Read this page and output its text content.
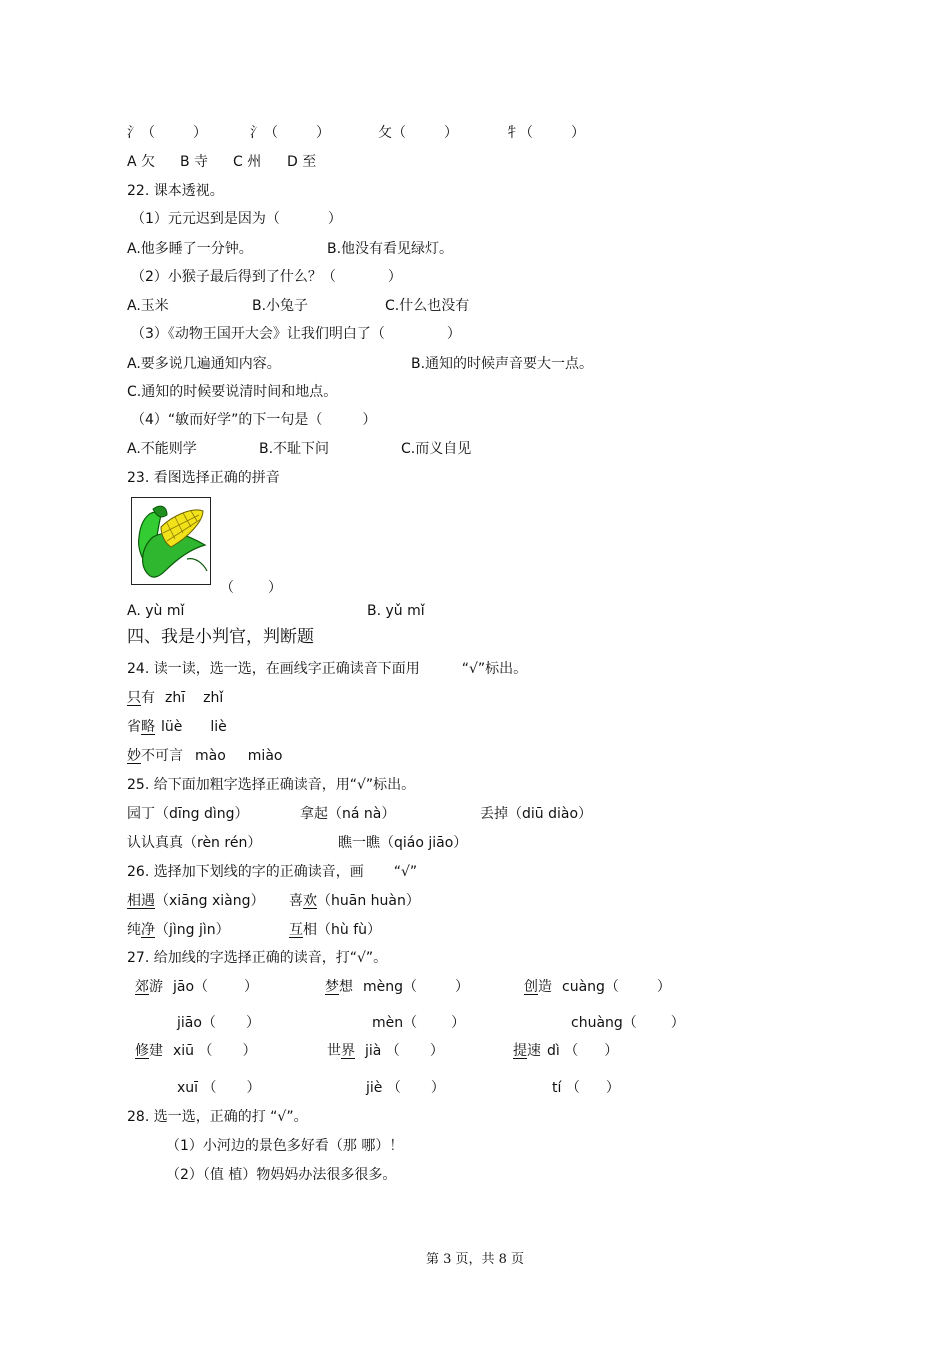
氵（	）	氵（	）	攵（	）	牜（	）
A 欠 B 寺 C 州 D 至
22. 课本透视。
（1）元元迟到是因为（	）
A.他多睡了一分钟。	B.他没有看见绿灯。
（2）小猴子最后得到了什么？（	）
A.玉米	B.小兔子	C.什么也没有
（3）《动物王国开大会》让我们明白了（	）
A.要多说几遍通知内容。	B.通知的时候声音要大一点。
C.通知的时候要说清时间和地点。
（4）“敏而好学”的下一句是（	）
A.不能则学	B.不耻下问	C.而义自见
23. 看图选择正确的拼音
（ ）
A. yù mǐ	B. yǔ mǐ
四、我是小判官，判断题
24. 读一读，选一选，在画线字正确读音下面用	“√”标出。
只有 zhī zhǐ
省略 lüè liè
妙不可言 mào miào
25. 给下面加粗字选择正确读音，用“√”标出。
园丁（dīng dìng）	拿起（ná nà）	丢掉（diū diào）
认认真真（rèn rén）	瞧一瞧（qiáo jiāo）
26. 选择加下划线的字的正确读音，画 “√”
相遇（xiāng xiàng） 喜欢（huān huàn）
纯净（jìng jìn）	互相（hù fù）
27. 给加线的字选择正确的读音，打“√”。
郊游 jāo（	）	梦想 mèng（	）	创造 cuàng（	）
jiāo（ ）	mèn（ ）	chuàng（ ）
修建 xiū （ ）	世界 jià （ ）	提速 dì （ ）
xuī （ ）	jiè （ ）	tí （ ）
28. 选一选，正确的打 “√”。
（1）小河边的景色多好看（那 哪）！
（2）（值 植）物妈妈办法很多很多。
第 3 页，共 8 页
